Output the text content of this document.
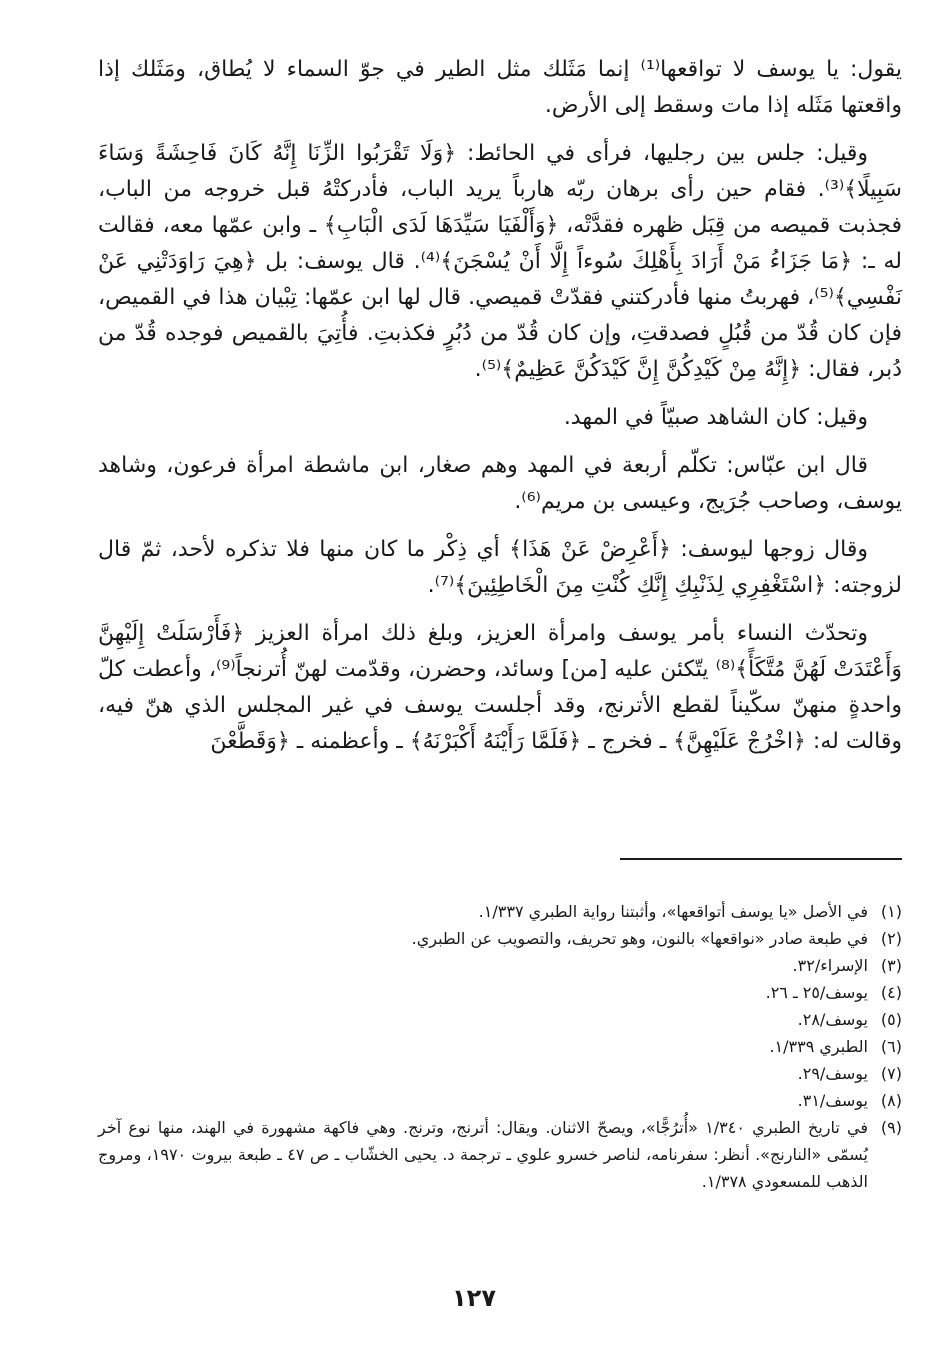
يقول: يا يوسف لا تواقعها⁽¹⁾ إنما مَثَلك مثل الطير في جوّ السماء لا يُطاق، ومَثَلك إذا واقعتها مَثَله إذا مات وسقط إلى الأرض.

وقيل: جلس بين رجليها، فرأى في الحائط: ﴿وَلَا تَقْرَبُوا الزِّنَا إِنَّهُ كَانَ فَاحِشَةً وَسَاءَ سَبِيلًا﴾⁽³⁾. فقام حين رأى برهان ربّه هارباً يريد الباب، فأدركتْهُ قبل خروجه من الباب، فجذبت قميصه من قِبَل ظهره فقدَّتْه، ﴿وَأَلْفَيَا سَيِّدَهَا لَدَى الْبَابِ﴾ ـ وابن عمّها معه، فقالت له ـ: ﴿مَا جَزَاءُ مَنْ أَرَادَ بِأَهْلِكَ سُوءاً إِلَّا أَنْ يُسْجَنَ﴾⁽⁴⁾. قال يوسف: بل ﴿هِيَ رَاوَدَتْنِي عَنْ نَفْسِي﴾⁽⁵⁾، فهربتُ منها فأدركتني فقدّتْ قميصي. قال لها ابن عمّها: تِبْيان هذا في القميص، فإن كان قُدّ من قُبُلٍ فصدقتِ، وإن كان قُدّ من دُبُرٍ فكذبتِ. فأُتِيَ بالقميص فوجده قُدّ من دُبر، فقال: ﴿إِنَّهُ مِنْ كَيْدِكُنَّ إِنَّ كَيْدَكُنَّ عَظِيمٌ﴾⁽⁵⁾.

وقيل: كان الشاهد صبيّاً في المهد.

قال ابن عبّاس: تكلّم أربعة في المهد وهم صغار، ابن ماشطة امرأة فرعون، وشاهد يوسف، وصاحب جُرَيج، وعيسى بن مريم⁽⁶⁾.

وقال زوجها ليوسف: ﴿أَعْرِضْ عَنْ هَذَا﴾ أي ذِكْر ما كان منها فلا تذكره لأحد، ثمّ قال لزوجته: ﴿اسْتَغْفِرِي لِذَنْبِكِ إِنَّكِ كُنْتِ مِنَ الْخَاطِئِينَ﴾⁽⁷⁾.

وتحدّث النساء بأمر يوسف وامرأة العزيز، وبلغ ذلك امرأة العزيز ﴿فَأَرْسَلَتْ إِلَيْهِنَّ وَأَعْتَدَتْ لَهُنَّ مُتَّكَأً﴾⁽⁸⁾ يتّكئن عليه [من] وسائد، وحضرن، وقدّمت لهنّ أُترنجاً⁽⁹⁾، وأعطت كلّ واحدةٍ منهنّ سكّيناً لقطع الأترنج، وقد أجلست يوسف في غير المجلس الذي هنّ فيه، وقالت له: ﴿اخْرُجْ عَلَيْهِنَّ﴾ ـ فخرج ـ ﴿فَلَمَّا رَأَيْنَهُ أَكْبَرْنَهُ﴾ ـ وأعظمنه ـ ﴿وَقَطَّعْنَ

(١)
في الأصل «يا يوسف أتواقعها»، وأثبتنا رواية الطبري ١/٣٣٧.
(٢)
في طبعة صادر «نواقعها» بالنون، وهو تحريف، والتصويب عن الطبري.
(٣)
الإسراء/٣٢.
(٤)
يوسف/٢٥ ـ ٢٦.
(٥)
يوسف/٢٨.
(٦)
الطبري ١/٣٣٩.
(٧)
يوسف/٢٩.
(٨)
يوسف/٣١.
(٩)
في تاريخ الطبري ١/٣٤٠ «أُترُجًّا»، ويصحّ الاثنان. ويقال: أترنج، وترنج. وهي فاكهة مشهورة في الهند، منها نوع آخر يُسمّى «النارنج». أنظر: سفرنامه، لناصر خسرو علوي ـ ترجمة د. يحيى الخشّاب ـ ص ٤٧ ـ طبعة بيروت ١٩٧٠، ومروج الذهب للمسعودي ١/٣٧٨.
١٢٧
